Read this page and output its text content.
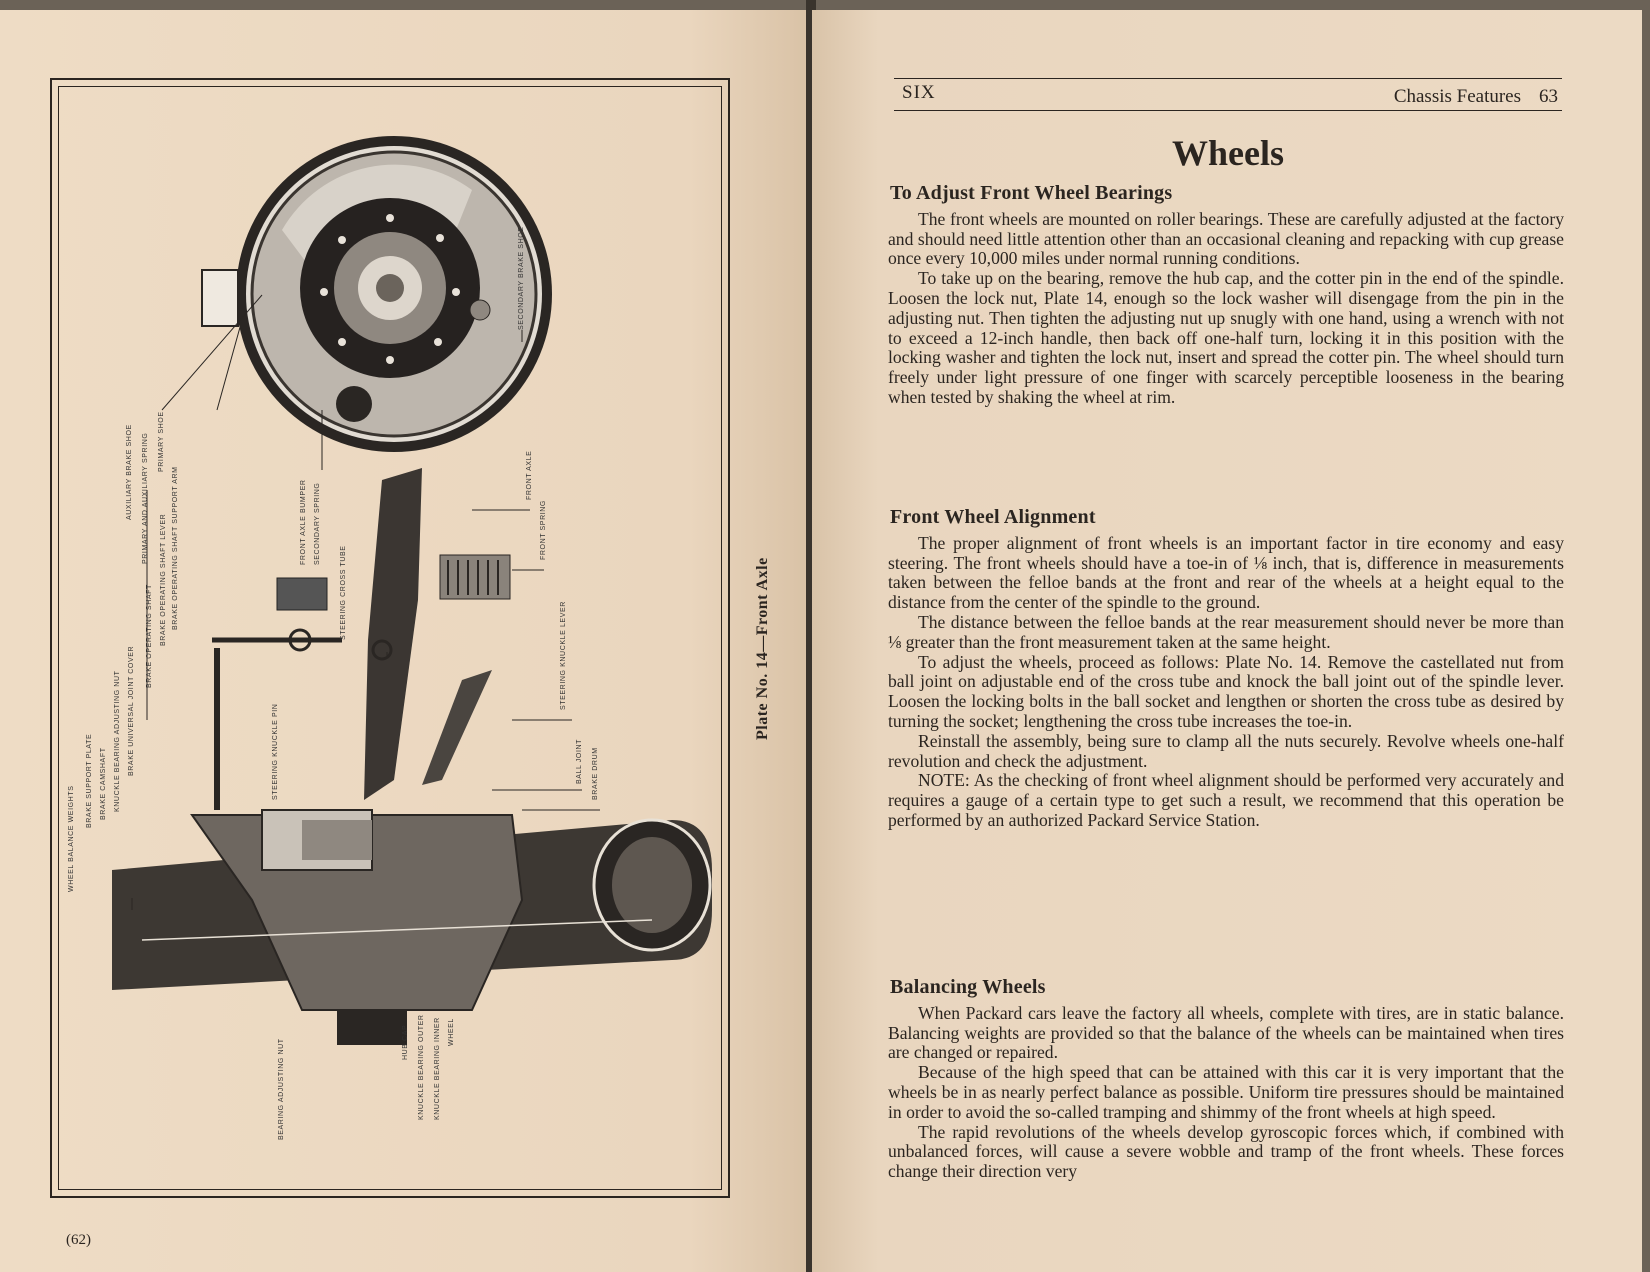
SECONDARY BRAKE SHOE
AUXILIARY BRAKE SHOE PRIMARY AND AUXILIARY SPRING PRIMARY SHOE
BRAKE OPERATING SHAFT SUPPORT ARM
BRAKE OPERATING SHAFT LEVER	FRONT AXLE BUMPER SECONDARY SPRING
FRONT AXLE
FRONT SPRING
STEERING CROSS TUBE
STEERING KNUCKLE LEVER
BALL JOINT BRAKE DRUM
BRAKE OPERATING SHAFT
STEERING KNUCKLE PIN
BRAKE UNIVERSAL JOINT COVER
KNUCKLE BEARING ADJUSTING NUT
BRAKE CAMSHAFT
BRAKE SUPPORT PLATE
WHEEL BALANCE WEIGHTS
BEARING ADJUSTING NUT	HUB CAP KNUCKLE BEARING OUTER KNUCKLE BEARING INNER WHEEL
Plate No. 14—Front Axle
(62)
SIX	Chassis Features 63
Wheels
To Adjust Front Wheel Bearings

The front wheels are mounted on roller bearings. These are carefully adjusted at the factory and should need little attention other than an occasional cleaning and repacking with cup grease once every 10,000 miles under normal running conditions.

To take up on the bearing, remove the hub cap, and the cotter pin in the end of the spindle. Loosen the lock nut, Plate 14, enough so the lock washer will disengage from the pin in the adjusting nut. Then tighten the adjusting nut up snugly with one hand, using a wrench with not to exceed a 12-inch handle, then back off one-half turn, locking it in this position with the locking washer and tighten the lock nut, insert and spread the cotter pin. The wheel should turn freely under light pressure of one finger with scarcely perceptible looseness in the bearing when tested by shaking the wheel at rim.

Front Wheel Alignment

The proper alignment of front wheels is an important factor in tire economy and easy steering. The front wheels should have a toe-in of ⅛ inch, that is, difference in measurements taken between the felloe bands at the front and rear of the wheels at a height equal to the distance from the center of the spindle to the ground.

The distance between the felloe bands at the rear measurement should never be more than ⅛ greater than the front measurement taken at the same height.

To adjust the wheels, proceed as follows: Plate No. 14. Remove the castellated nut from ball joint on adjustable end of the cross tube and knock the ball joint out of the spindle lever. Loosen the locking bolts in the ball socket and lengthen or shorten the cross tube as desired by turning the socket; lengthening the cross tube increases the toe-in.

Reinstall the assembly, being sure to clamp all the nuts securely. Revolve wheels one-half revolution and check the adjustment.

NOTE: As the checking of front wheel alignment should be performed very accurately and requires a gauge of a certain type to get such a result, we recommend that this operation be performed by an authorized Packard Service Station.

Balancing Wheels

When Packard cars leave the factory all wheels, complete with tires, are in static balance. Balancing weights are provided so that the balance of the wheels can be maintained when tires are changed or repaired.

Because of the high speed that can be attained with this car it is very important that the wheels be in as nearly perfect balance as possible. Uniform tire pressures should be maintained in order to avoid the so-called tramping and shimmy of the front wheels at high speed.

The rapid revolutions of the wheels develop gyroscopic forces which, if combined with unbalanced forces, will cause a severe wobble and tramp of the front wheels. These forces change their direction very
